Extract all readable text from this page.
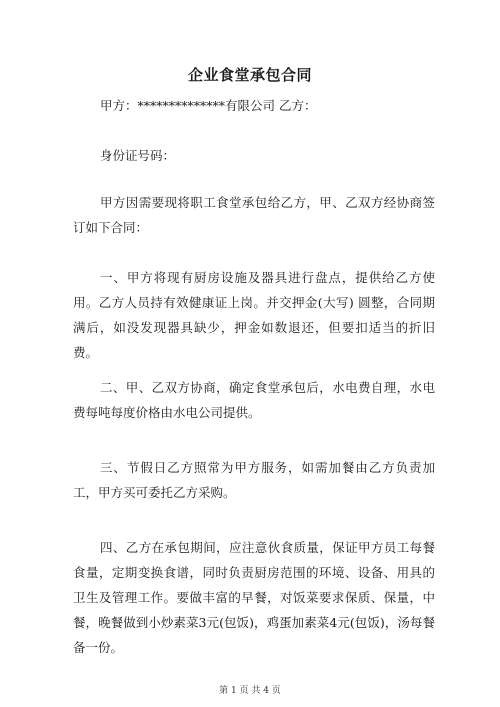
企业食堂承包合同
甲方：**************有限公司 乙方：
身份证号码：
甲方因需要现将职工食堂承包给乙方，甲、乙双方经协商签订如下合同：
一、甲方将现有厨房设施及器具进行盘点，提供给乙方使用。乙方人员持有效健康证上岗。并交押金(大写) 圆整，合同期满后，如没发现器具缺少，押金如数退还，但要扣适当的折旧费。
二、甲、乙双方协商，确定食堂承包后，水电费自理，水电费每吨每度价格由水电公司提供。
三、节假日乙方照常为甲方服务，如需加餐由乙方负责加工，甲方买可委托乙方采购。
四、乙方在承包期间，应注意伙食质量，保证甲方员工每餐食量，定期变换食谱，同时负责厨房范围的环境、设备、用具的卫生及管理工作。要做丰富的早餐，对饭菜要求保质、保量，中餐，晚餐做到小炒素菜3元(包饭)，鸡蛋加素菜4元(包饭)，汤每餐备一份。
第 1 页 共 4 页
